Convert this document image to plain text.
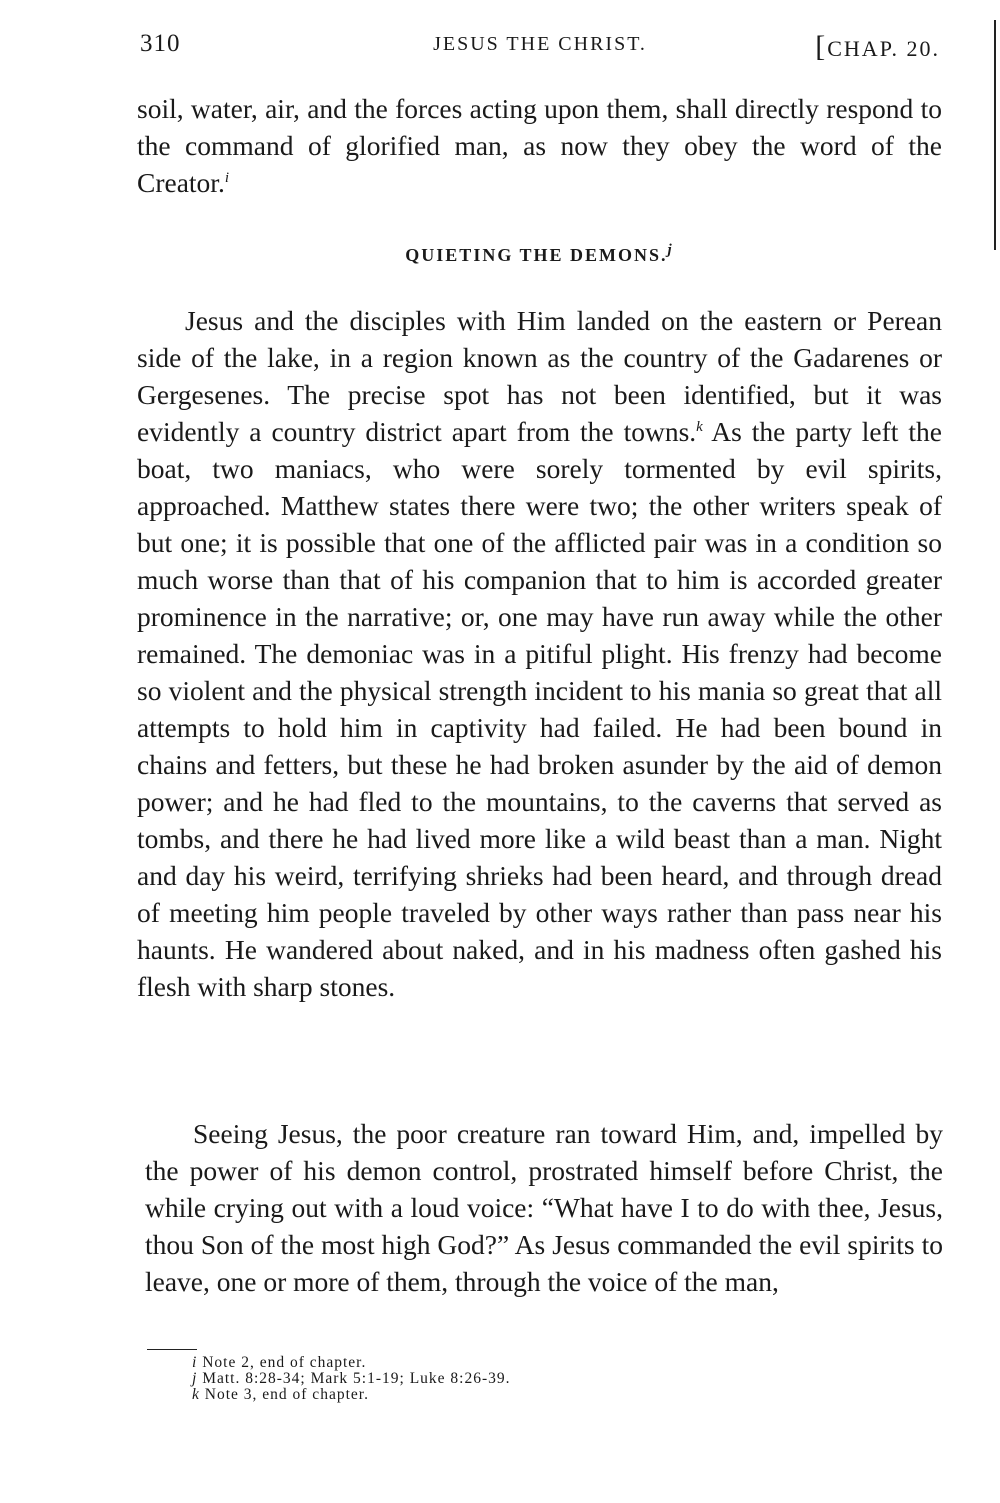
310	JESUS THE CHRIST.	[CHAP. 20.

soil, water, air, and the forces acting upon them, shall directly respond to the command of glorified man, as now they obey the word of the Creator.$^i$

QUIETING THE DEMONS.$^j$

Jesus and the disciples with Him landed on the eastern or Perean side of the lake, in a region known as the country of the Gadarenes or Gergesenes. The precise spot has not been identified, but it was evidently a country district apart from the towns.$^k$ As the party left the boat, two maniacs, who were sorely tormented by evil spirits, approached. Matthew states there were two; the other writers speak of but one; it is possible that one of the afflicted pair was in a condition so much worse than that of his companion that to him is accorded greater prominence in the narrative; or, one may have run away while the other remained. The demoniac was in a pitiful plight. His frenzy had become so violent and the physical strength incident to his mania so great that all attempts to hold him in captivity had failed. He had been bound in chains and fetters, but these he had broken asunder by the aid of demon power; and he had fled to the mountains, to the caverns that served as tombs, and there he had lived more like a wild beast than a man. Night and day his weird, terrifying shrieks had been heard, and through dread of meeting him people traveled by other ways rather than pass near his haunts. He wandered about naked, and in his madness often gashed his flesh with sharp stones.

Seeing Jesus, the poor creature ran toward Him, and, impelled by the power of his demon control, prostrated himself before Christ, the while crying out with a loud voice: “What have I to do with thee, Jesus, thou Son of the most high God?” As Jesus commanded the evil spirits to leave, one or more of them, through the voice of the man,

i Note 2, end of chapter.
j Matt. 8:28-34; Mark 5:1-19; Luke 8:26-39.
k Note 3, end of chapter.
